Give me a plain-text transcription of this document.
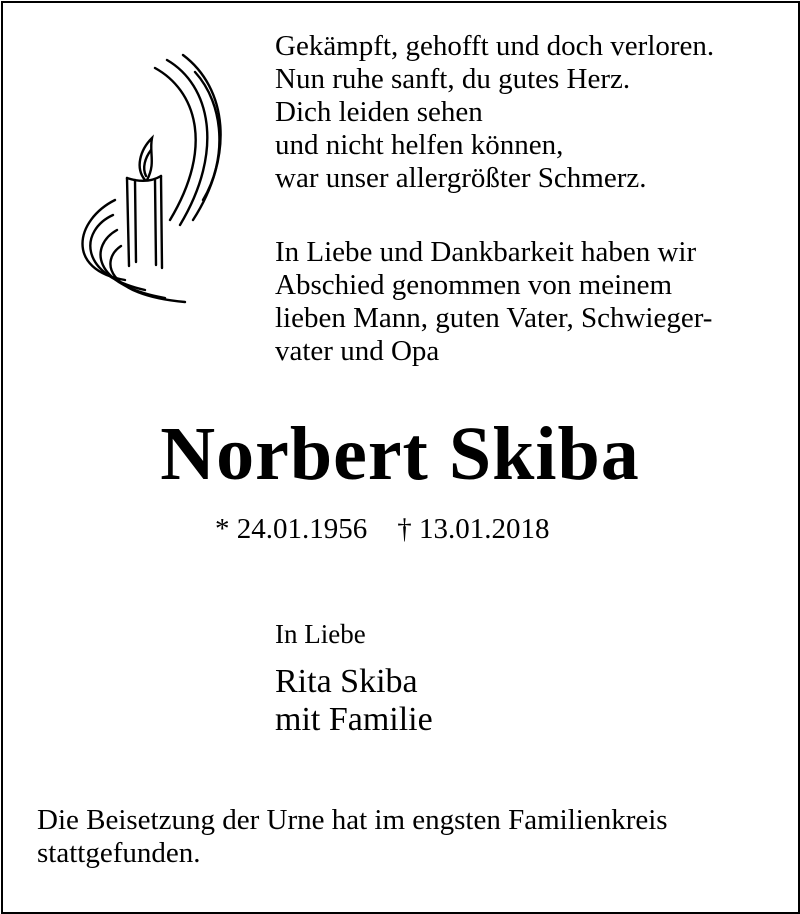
Gekämpft, gehofft und doch verloren.
Nun ruhe sanft, du gutes Herz.
Dich leiden sehen
und nicht helfen können,
war unser allergrößter Schmerz.
In Liebe und Dankbarkeit haben wir
Abschied genommen von meinem
lieben Mann, guten Vater, Schwieger-
vater und Opa
Norbert Skiba
* 24.01.1956 † 13.01.2018
In Liebe
Rita Skiba
mit Familie
Die Beisetzung der Urne hat im engsten Familienkreis
stattgefunden.
